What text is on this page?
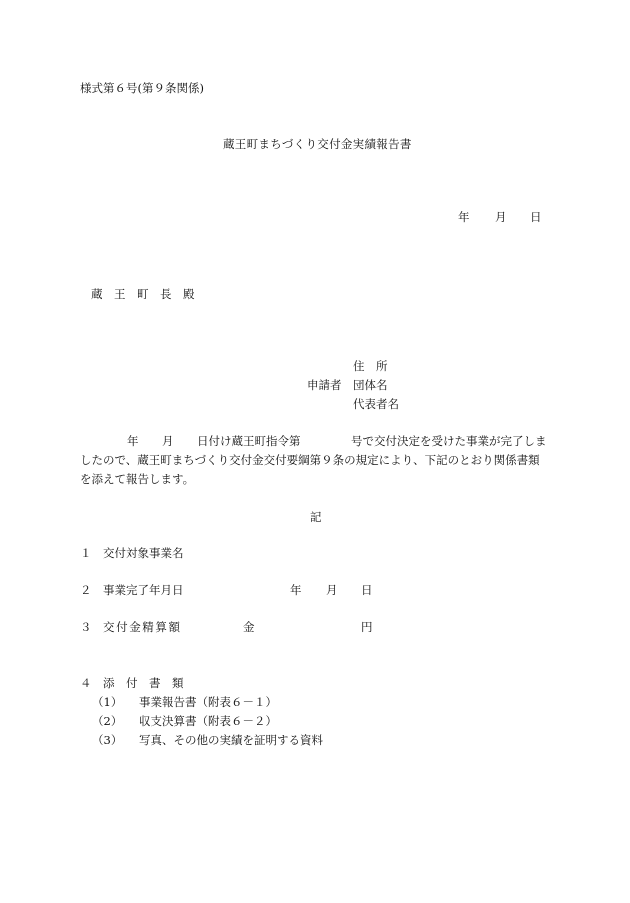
様式第６号(第９条関係)
蔵王町まちづくり交付金実績報告書
年 月 日
蔵　王　町　長　殿
住　所
申請者 団体名
代表者名
年 月 日付け蔵王町指令第	号で交付決定を受けた事業が完了しま
したので、蔵王町まちづくり交付金交付要綱第９条の規定により、下記のとおり関係書類
を添えて報告します。
記
１ 交付対象事業名
２ 事業完了年月日	年 月 日
３ 交付金精算額	金	円
４ 添　付　書　類
（1） 事業報告書（附表６－１）
（2） 収支決算書（附表６－２）
（3） 写真、その他の実績を証明する資料
